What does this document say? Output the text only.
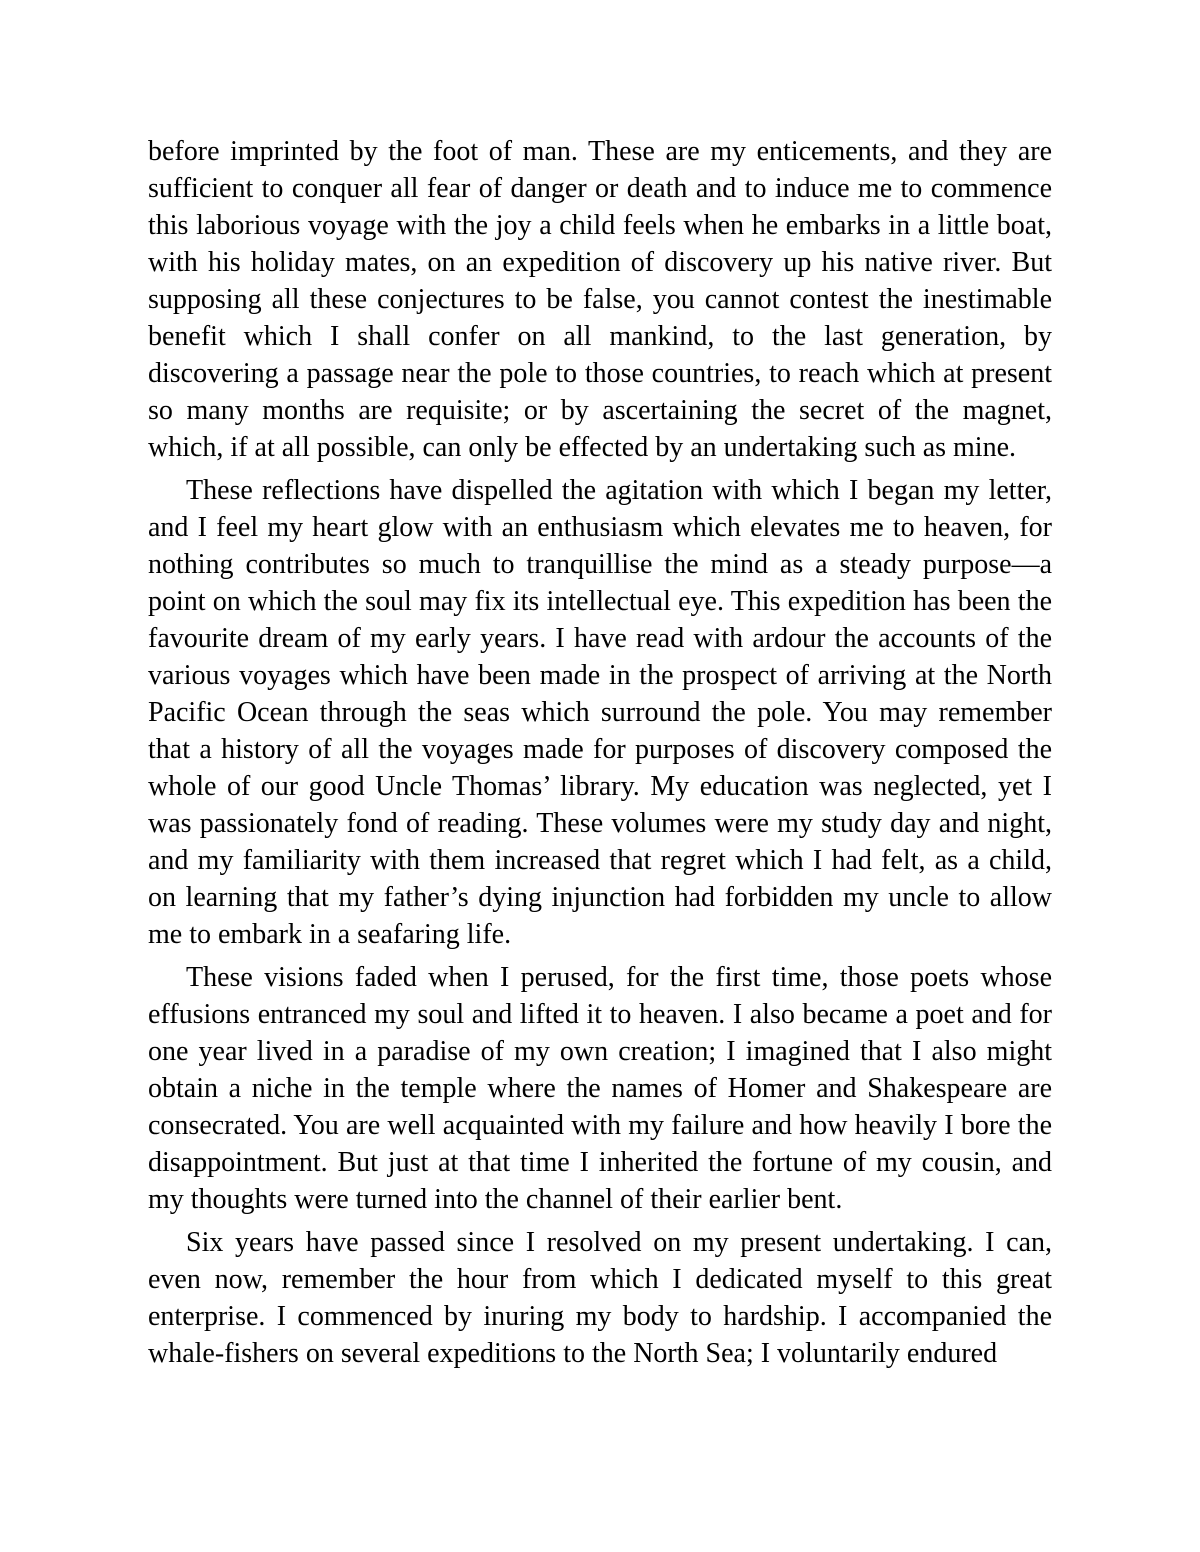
before imprinted by the foot of man. These are my enticements, and they are sufficient to conquer all fear of danger or death and to induce me to commence this laborious voyage with the joy a child feels when he embarks in a little boat, with his holiday mates, on an expedition of discovery up his native river. But supposing all these conjectures to be false, you cannot contest the inestimable benefit which I shall confer on all mankind, to the last generation, by discovering a passage near the pole to those countries, to reach which at present so many months are requisite; or by ascertaining the secret of the magnet, which, if at all possible, can only be effected by an undertaking such as mine.

These reflections have dispelled the agitation with which I began my letter, and I feel my heart glow with an enthusiasm which elevates me to heaven, for nothing contributes so much to tranquillise the mind as a steady purpose—a point on which the soul may fix its intellectual eye. This expedition has been the favourite dream of my early years. I have read with ardour the accounts of the various voyages which have been made in the prospect of arriving at the North Pacific Ocean through the seas which surround the pole. You may remember that a history of all the voyages made for purposes of discovery composed the whole of our good Uncle Thomas’ library. My education was neglected, yet I was passionately fond of reading. These volumes were my study day and night, and my familiarity with them increased that regret which I had felt, as a child, on learning that my father’s dying injunction had forbidden my uncle to allow me to embark in a seafaring life.

These visions faded when I perused, for the first time, those poets whose effusions entranced my soul and lifted it to heaven. I also became a poet and for one year lived in a paradise of my own creation; I imagined that I also might obtain a niche in the temple where the names of Homer and Shakespeare are consecrated. You are well acquainted with my failure and how heavily I bore the disappointment. But just at that time I inherited the fortune of my cousin, and my thoughts were turned into the channel of their earlier bent.

Six years have passed since I resolved on my present undertaking. I can, even now, remember the hour from which I dedicated myself to this great enterprise. I commenced by inuring my body to hardship. I accompanied the whale-fishers on several expeditions to the North Sea; I voluntarily endured
